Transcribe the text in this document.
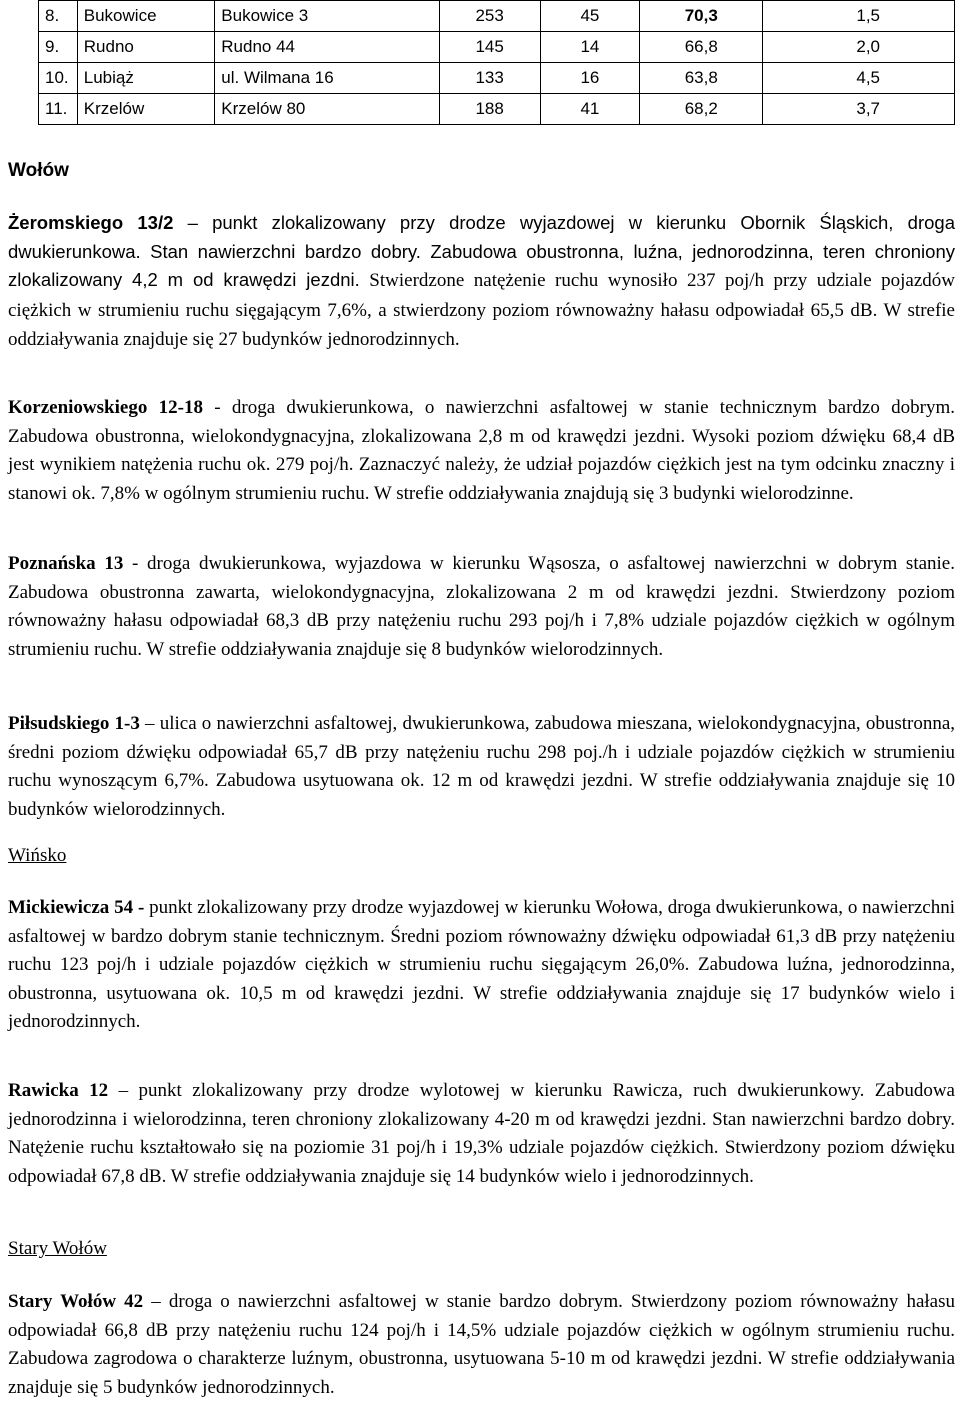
8.	Bukowice	Bukowice 3	253	45	70,3	1,5
9.	Rudno	Rudno 44	145	14	66,8	2,0
10.	Lubiąż	ul. Wilmana 16	133	16	63,8	4,5
11.	Krzelów	Krzelów 80	188	41	68,2	3,7
Wołów

Żeromskiego 13/2 – punkt zlokalizowany przy drodze wyjazdowej w kierunku Obornik Śląskich, droga dwukierunkowa. Stan nawierzchni bardzo dobry. Zabudowa obustronna, luźna, jednorodzinna, teren chroniony zlokalizowany 4,2 m od krawędzi jezdni. Stwierdzone natężenie ruchu wynosiło 237 poj/h przy udziale pojazdów ciężkich w strumieniu ruchu sięgającym 7,6%, a stwierdzony poziom równoważny hałasu odpowiadał 65,5 dB. W strefie oddziaływania znajduje się 27 budynków jednorodzinnych.

Korzeniowskiego 12-18 - droga dwukierunkowa, o nawierzchni asfaltowej w stanie technicznym bardzo dobrym. Zabudowa obustronna, wielokondygnacyjna, zlokalizowana 2,8 m od krawędzi jezdni. Wysoki poziom dźwięku 68,4 dB jest wynikiem natężenia ruchu ok. 279 poj/h. Zaznaczyć należy, że udział pojazdów ciężkich jest na tym odcinku znaczny i stanowi ok. 7,8% w ogólnym strumieniu ruchu. W strefie oddziaływania znajdują się 3 budynki wielorodzinne.

Poznańska 13 - droga dwukierunkowa, wyjazdowa w kierunku Wąsosza, o asfaltowej nawierzchni w dobrym stanie. Zabudowa obustronna zawarta, wielokondygnacyjna, zlokalizowana 2 m od krawędzi jezdni. Stwierdzony poziom równoważny hałasu odpowiadał 68,3 dB przy natężeniu ruchu 293 poj/h i 7,8% udziale pojazdów ciężkich w ogólnym strumieniu ruchu. W strefie oddziaływania znajduje się 8 budynków wielorodzinnych.

Piłsudskiego 1-3 – ulica o nawierzchni asfaltowej, dwukierunkowa, zabudowa mieszana, wielokondygnacyjna, obustronna, średni poziom dźwięku odpowiadał 65,7 dB przy natężeniu ruchu 298 poj./h i udziale pojazdów ciężkich w strumieniu ruchu wynoszącym 6,7%. Zabudowa usytuowana ok. 12 m od krawędzi jezdni. W strefie oddziaływania znajduje się 10 budynków wielorodzinnych.

Wińsko

Mickiewicza 54 - punkt zlokalizowany przy drodze wyjazdowej w kierunku Wołowa, droga dwukierunkowa, o nawierzchni asfaltowej w bardzo dobrym stanie technicznym. Średni poziom równoważny dźwięku odpowiadał 61,3 dB przy natężeniu ruchu 123 poj/h i udziale pojazdów ciężkich w strumieniu ruchu sięgającym 26,0%. Zabudowa luźna, jednorodzinna, obustronna, usytuowana ok. 10,5 m od krawędzi jezdni. W strefie oddziaływania znajduje się 17 budynków wielo i jednorodzinnych.

Rawicka 12 – punkt zlokalizowany przy drodze wylotowej w kierunku Rawicza, ruch dwukierunkowy. Zabudowa jednorodzinna i wielorodzinna, teren chroniony zlokalizowany 4-20 m od krawędzi jezdni. Stan nawierzchni bardzo dobry. Natężenie ruchu kształtowało się na poziomie 31 poj/h i 19,3% udziale pojazdów ciężkich. Stwierdzony poziom dźwięku odpowiadał 67,8 dB. W strefie oddziaływania znajduje się 14 budynków wielo i jednorodzinnych.

Stary Wołów

Stary Wołów 42 – droga o nawierzchni asfaltowej w stanie bardzo dobrym. Stwierdzony poziom równoważny hałasu odpowiadał 66,8 dB przy natężeniu ruchu 124 poj/h i 14,5% udziale pojazdów ciężkich w ogólnym strumieniu ruchu. Zabudowa zagrodowa o charakterze luźnym, obustronna, usytuowana 5-10 m od krawędzi jezdni. W strefie oddziaływania znajduje się 5 budynków jednorodzinnych.
